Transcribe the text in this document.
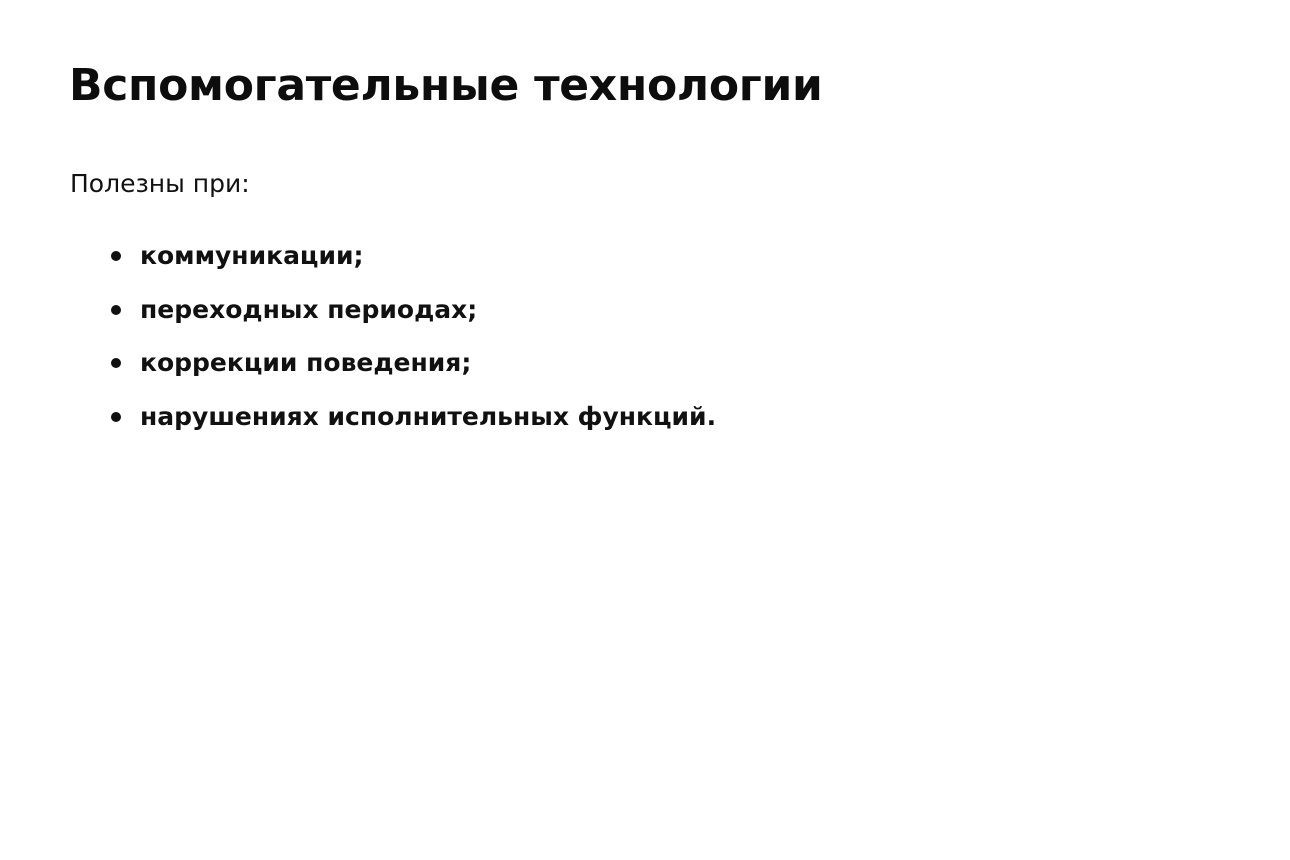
Вспомогательные технологии

Полезны при:

коммуникации;
переходных периодах;
коррекции поведения;
нарушениях исполнительных функций.
